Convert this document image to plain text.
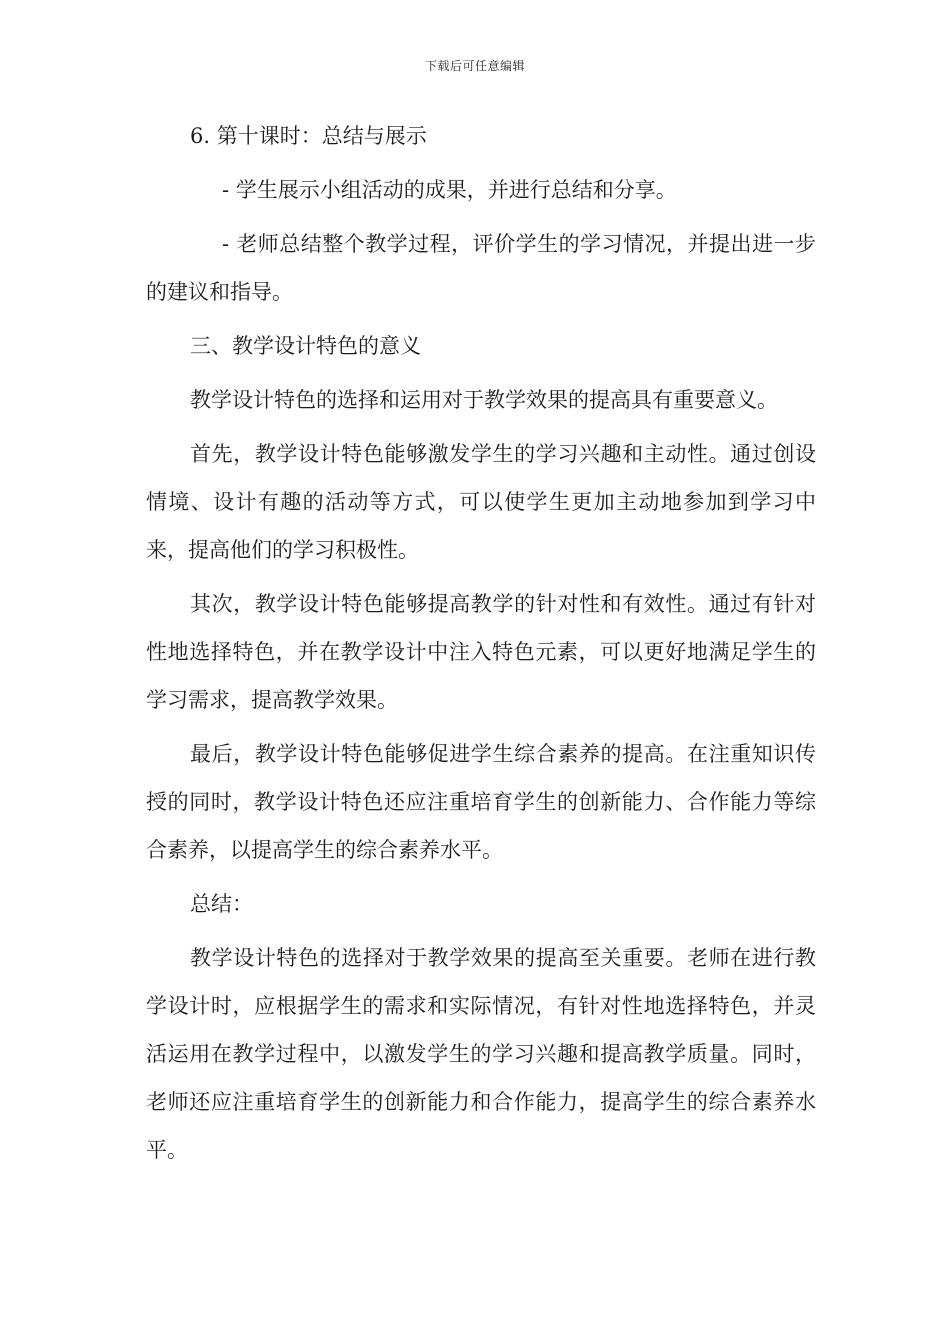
下载后可任意编辑

6. 第十课时：总结与展示

- 学生展示小组活动的成果，并进行总结和分享。

- 老师总结整个教学过程，评价学生的学习情况，并提出进一步的建议和指导。

三、教学设计特色的意义

教学设计特色的选择和运用对于教学效果的提高具有重要意义。

首先，教学设计特色能够激发学生的学习兴趣和主动性。通过创设情境、设计有趣的活动等方式，可以使学生更加主动地参加到学习中来，提高他们的学习积极性。

其次，教学设计特色能够提高教学的针对性和有效性。通过有针对性地选择特色，并在教学设计中注入特色元素，可以更好地满足学生的学习需求，提高教学效果。

最后，教学设计特色能够促进学生综合素养的提高。在注重知识传授的同时，教学设计特色还应注重培育学生的创新能力、合作能力等综合素养，以提高学生的综合素养水平。

总结：

教学设计特色的选择对于教学效果的提高至关重要。老师在进行教学设计时，应根据学生的需求和实际情况，有针对性地选择特色，并灵活运用在教学过程中，以激发学生的学习兴趣和提高教学质量。同时，老师还应注重培育学生的创新能力和合作能力，提高学生的综合素养水平。
